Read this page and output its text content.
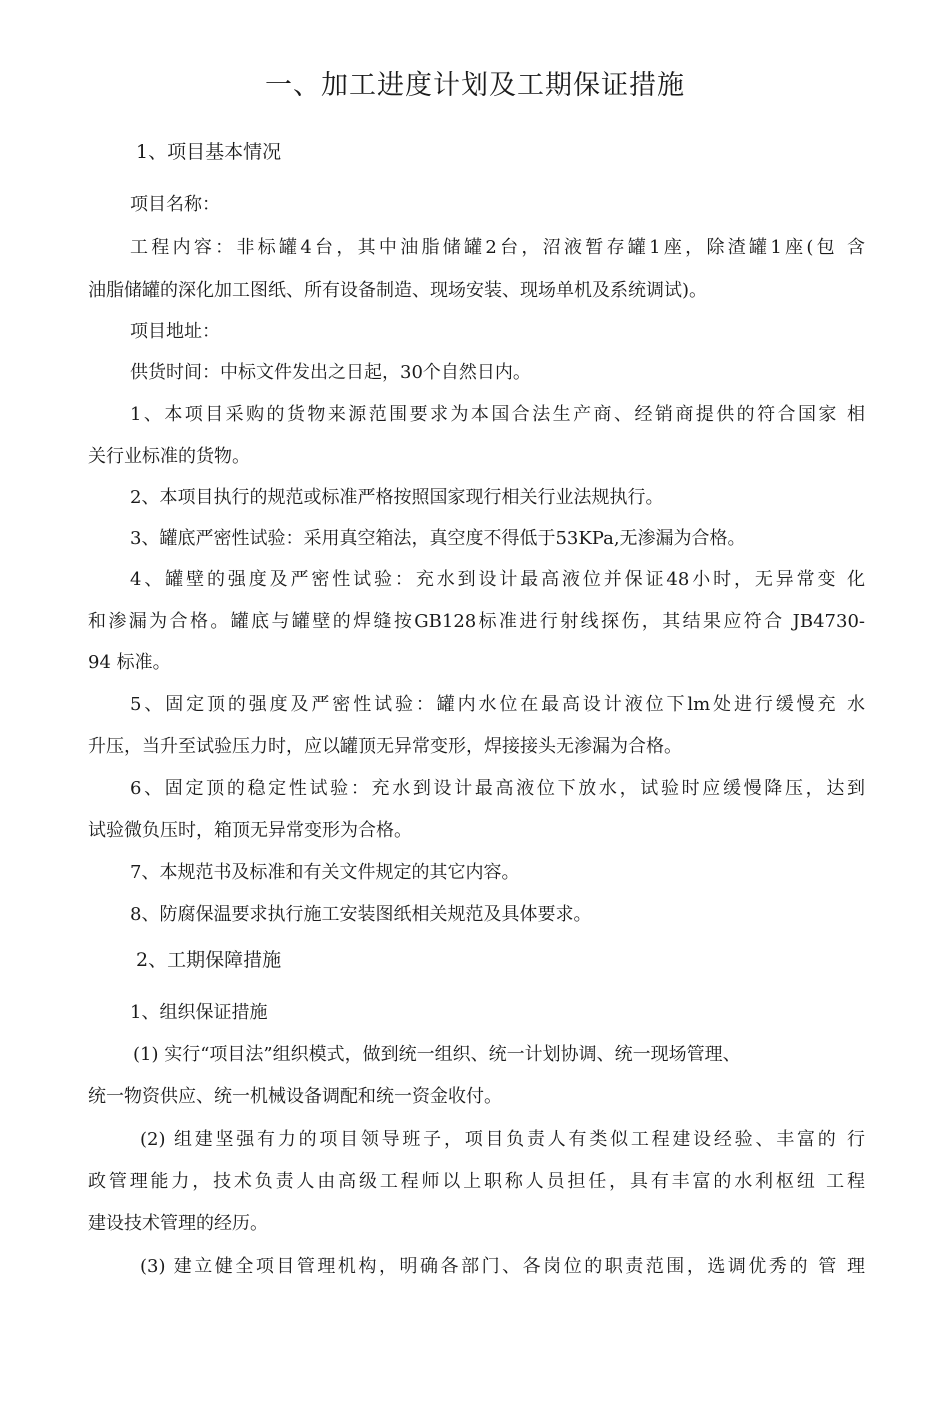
一、加工进度计划及工期保证措施
1、项目基本情况
项目名称：
工程内容：非标罐4台，其中油脂储罐2台，沼液暂存罐1座，除渣罐1座(包 含
油脂储罐的深化加工图纸、所有设备制造、现场安装、现场单机及系统调试)。
项目地址：
供货时间：中标文件发出之日起，30个自然日内。
1、本项目采购的货物来源范围要求为本国合法生产商、经销商提供的符合国家 相
关行业标准的货物。
2、本项目执行的规范或标准严格按照国家现行相关行业法规执行。
3、罐底严密性试验：采用真空箱法，真空度不得低于53KPa,无渗漏为合格。
4、罐壁的强度及严密性试验：充水到设计最高液位并保证48小时，无异常变 化
和渗漏为合格。罐底与罐壁的焊缝按GB128标准进行射线探伤，其结果应符合 JB4730-
94 标准。
5、固定顶的强度及严密性试验：罐内水位在最高设计液位下lm处进行缓慢充 水
升压，当升至试验压力时，应以罐顶无异常变形，焊接接头无渗漏为合格。
6、固定顶的稳定性试验：充水到设计最高液位下放水，试验时应缓慢降压，达到
试验微负压时，箱顶无异常变形为合格。
7、本规范书及标准和有关文件规定的其它内容。
8、防腐保温要求执行施工安装图纸相关规范及具体要求。
2、工期保障措施
1、组织保证措施
(1) 实行“项目法”组织模式，做到统一组织、统一计划协调、统一现场管理、
统一物资供应、统一机械设备调配和统一资金收付。
(2) 组建坚强有力的项目领导班子，项目负责人有类似工程建设经验、丰富的 行
政管理能力，技术负责人由高级工程师以上职称人员担任，具有丰富的水利枢纽 工程
建设技术管理的经历。
(3) 建立健全项目管理机构，明确各部门、各岗位的职责范围，选调优秀的 管 理
